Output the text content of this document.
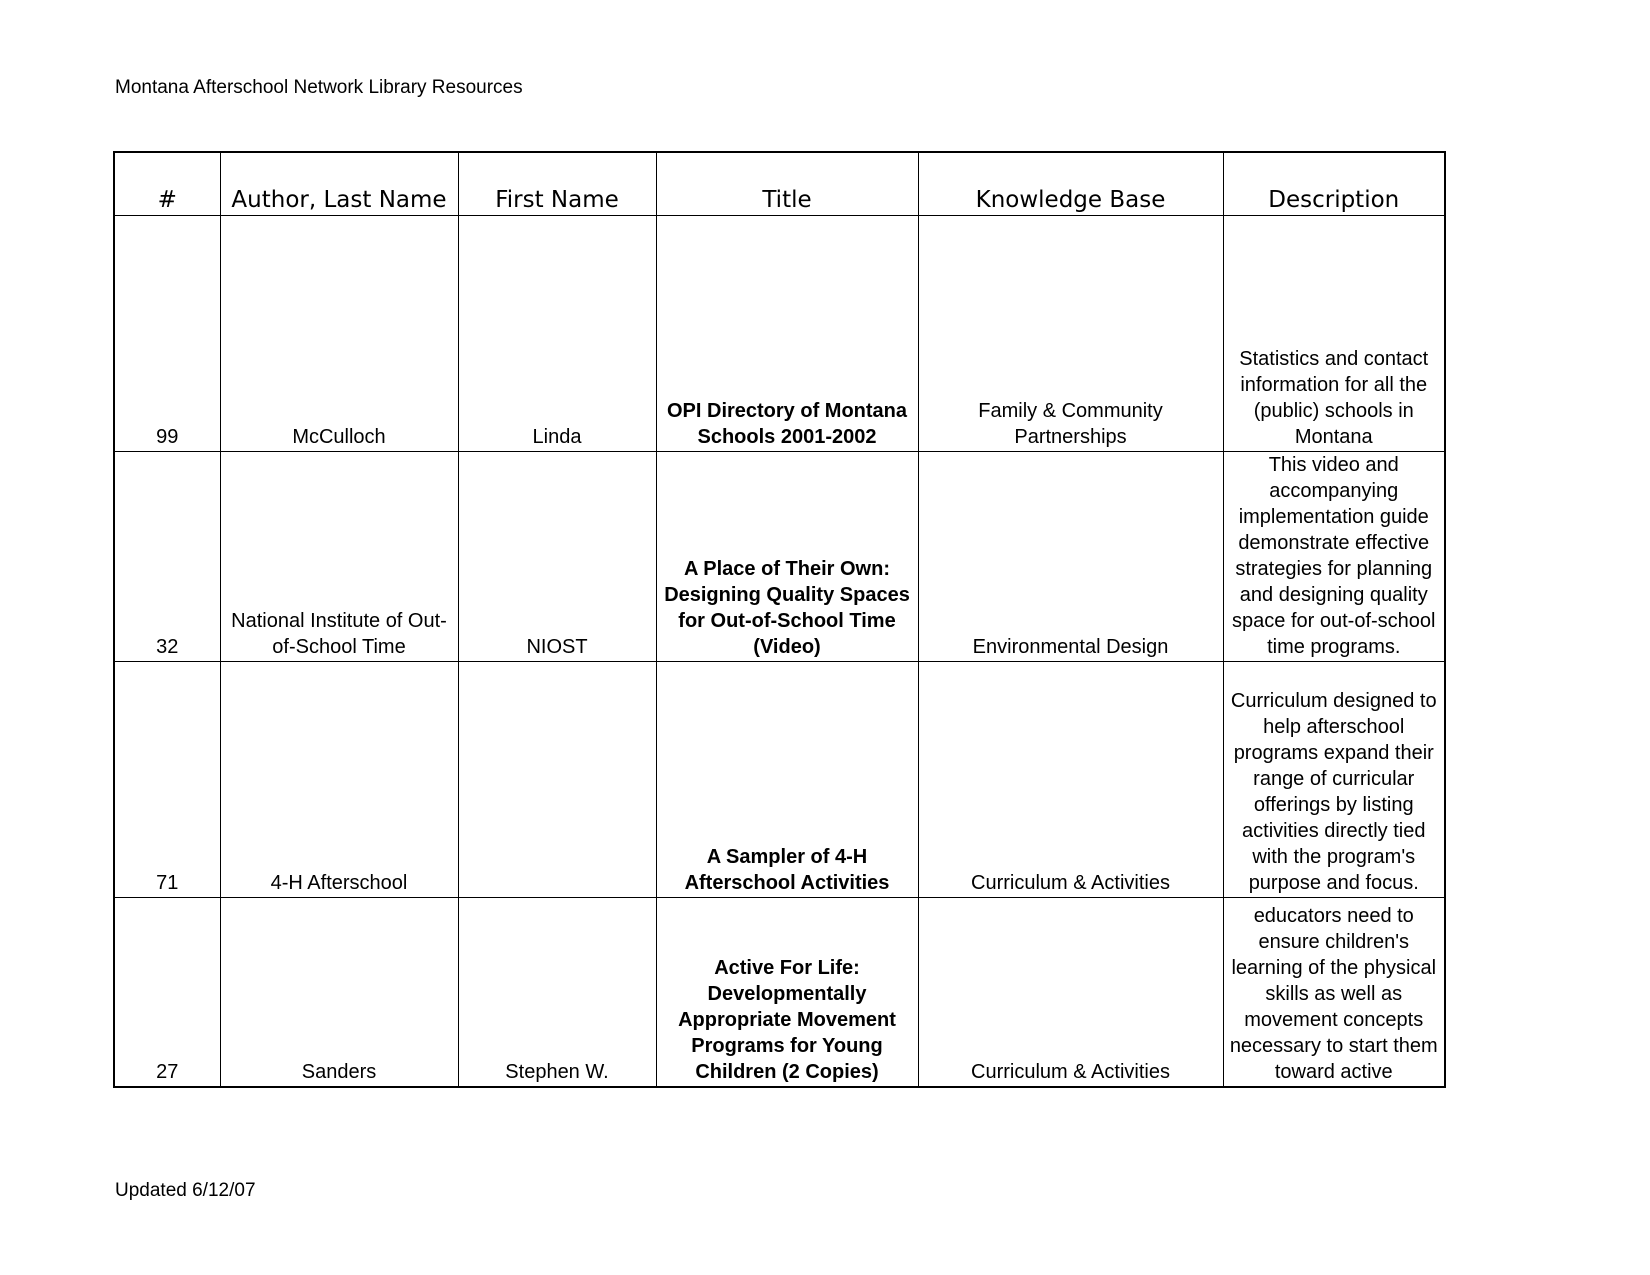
Montana Afterschool Network Library Resources
#	Author, Last Name	First Name	Title	Knowledge Base	Description
99	McCulloch	Linda	OPI Directory of Montana Schools 2001-2002	Family & Community Partnerships	Statistics and contact information for all the (public) schools in Montana
32	National Institute of Out-of-School Time	NIOST	A Place of Their Own: Designing Quality Spaces for Out-of-School Time (Video)	Environmental Design	This video and accompanying implementation guide demonstrate effective strategies for planning and designing quality space for out-of-school time programs.
71	4-H Afterschool		A Sampler of 4-H Afterschool Activities	Curriculum & Activities	Curriculum designed to help afterschool programs expand their range of curricular offerings by listing activities directly tied with the program's purpose and focus.
27	Sanders	Stephen W.	Active For Life: Developmentally Appropriate Movement Programs for Young Children (2 Copies)	Curriculum & Activities	educators need to ensure children's learning of the physical skills as well as movement concepts necessary to start them toward active
Updated 6/12/07
